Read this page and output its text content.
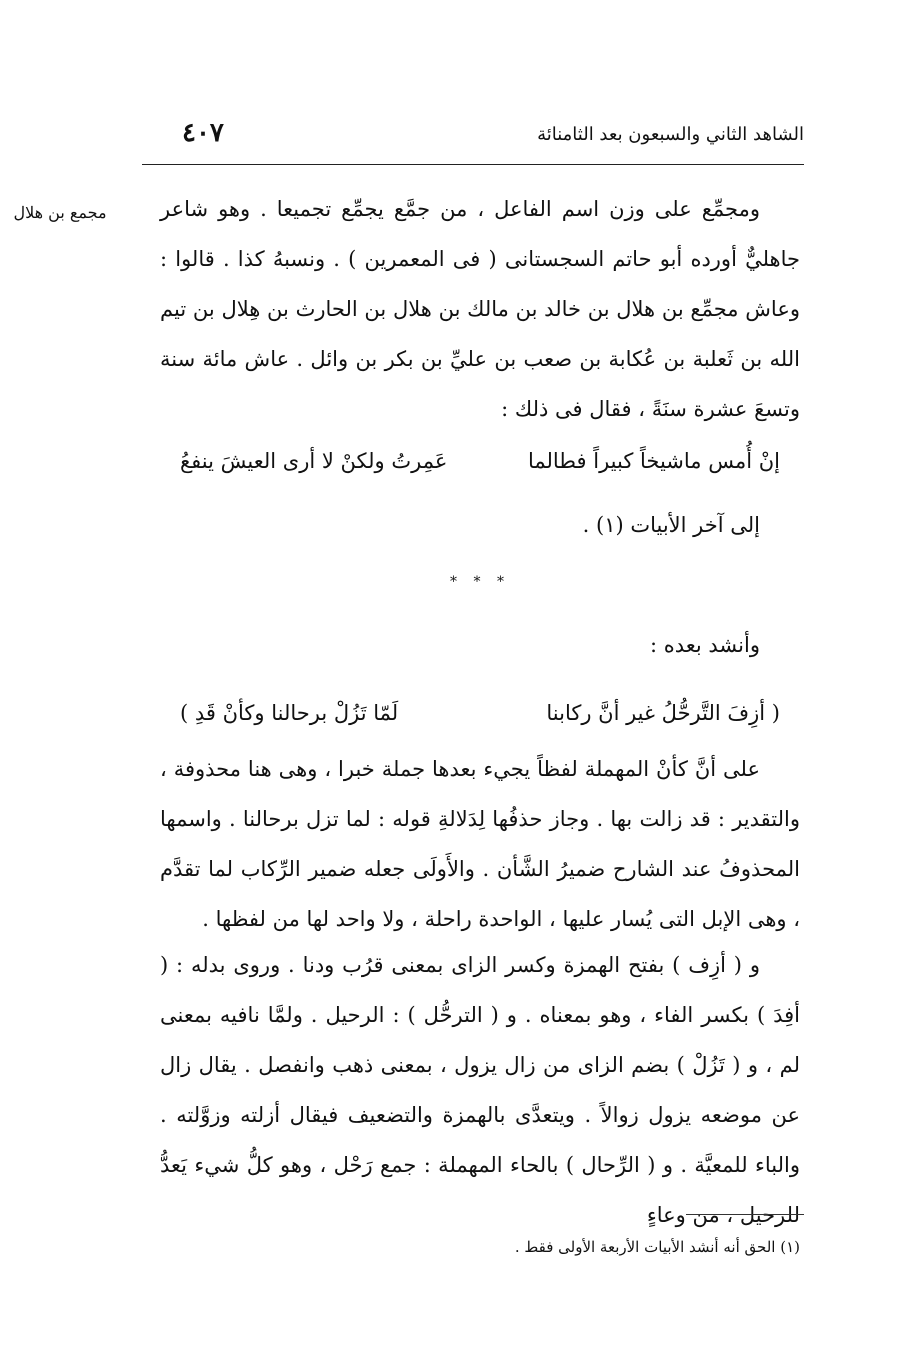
الشاهد الثاني والسبعون بعد الثامنائة
٤٠٧
مجمع بن هلال	ومجمِّع على وزن اسم الفاعل ، من جمَّع يجمِّع تجميعا . وهو شاعر جاهليٌّ أورده أبو حاتم السجستانى ( فى المعمرين ) . ونسبهُ كذا . قالوا : وعاش مجمِّع بن هلال بن خالد بن مالك بن هلال بن الحارث بن هِلال بن تيم الله بن ثَعلبة بن عُكابة بن صعب بن عليِّ بن بكر بن وائل . عاش مائة سنة وتسعَ عشرة سنَةً ، فقال فى ذلك :

إنْ أُمس ماشيخاً كبيراً فطالما
عَمِرتُ ولكنْ لا أرى العيشَ ينفعُ

إلى آخر الأبيات (١) .

* * *

وأنشد بعده :

( أزِفَ التَّرحُّلُ غير أنَّ ركابنا
لَمّا تَزُلْ برحالنا وكأنْ قَدِ )

على أنَّ كأنْ المهملة لفظاً يجيء بعدها جملة خبرا ، وهى هنا محذوفة ، والتقدير : قد زالت بها . وجاز حذفُها لِدَلالةِ قوله : لما تزل برحالنا . واسمها المحذوفُ عند الشارح ضميرُ الشَّأن . والأَولَى جعله ضمير الرِّكاب لما تقدَّم ، وهى الإبل التى يُسار عليها ، الواحدة راحلة ، ولا واحد لها من لفظها .

و ( أزِف ) بفتح الهمزة وكسر الزاى بمعنى قرُب ودنا . وروى بدله : ( أفِدَ ) بكسر الفاء ، وهو بمعناه . و ( الترحُّل ) : الرحيل . ولمَّا نافيه بمعنى لم ، و ( تَزُلْ ) بضم الزاى من زال يزول ، بمعنى ذهب وانفصل . يقال زال عن موضعه يزول زوالاً . ويتعدَّى بالهمزة والتضعيف فيقال أزلته وزوَّلته . والباء للمعيَّة . و ( الرِّحال ) بالحاء المهملة : جمع رَحْل ، وهو كلُّ شيء يَعدُّ للرحيل ، من وعاءٍ

(١) الحق أنه أنشد الأبيات الأربعة الأولى فقط .
